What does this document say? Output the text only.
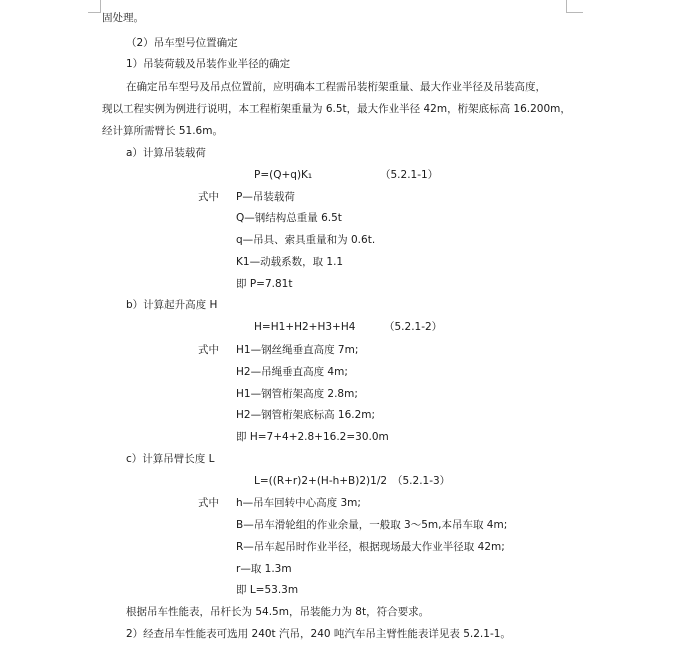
固处理。
（2）吊车型号位置确定
1）吊装荷载及吊装作业半径的确定
在确定吊车型号及吊点位置前，应明确本工程需吊装桁架重量、最大作业半径及吊装高度，
现以工程实例为例进行说明，本工程桁架重量为 6.5t，最大作业半径 42m，桁架底标高 16.200m，
经计算所需臂长 51.6m。
a）计算吊装载荷
P=(Q+q)K₁	（5.2.1-1）
式中 P—吊装载荷
Q—钢结构总重量 6.5t
q—吊具、索具重量和为 0.6t.
K1—动载系数，取 1.1
即 P=7.81t
b）计算起升高度 H
H=H1+H2+H3+H4	（5.2.1-2）
式中 H1—钢丝绳垂直高度 7m;
H2—吊绳垂直高度 4m;
H1—钢管桁架高度 2.8m;
H2—钢管桁架底标高 16.2m;
即 H=7+4+2.8+16.2=30.0m
c）计算吊臂长度 L
L=((R+r)2+(H-h+B)2)1/2 （5.2.1-3）
式中 h—吊车回转中心高度 3m;
B—吊车滑轮组的作业余量，一般取 3～5m,本吊车取 4m;
R—吊车起吊时作业半径，根据现场最大作业半径取 42m;
r—取 1.3m
即 L=53.3m
根据吊车性能表，吊杆长为 54.5m，吊装能力为 8t，符合要求。
2）经查吊车性能表可选用 240t 汽吊，240 吨汽车吊主臂性能表详见表 5.2.1-1。
